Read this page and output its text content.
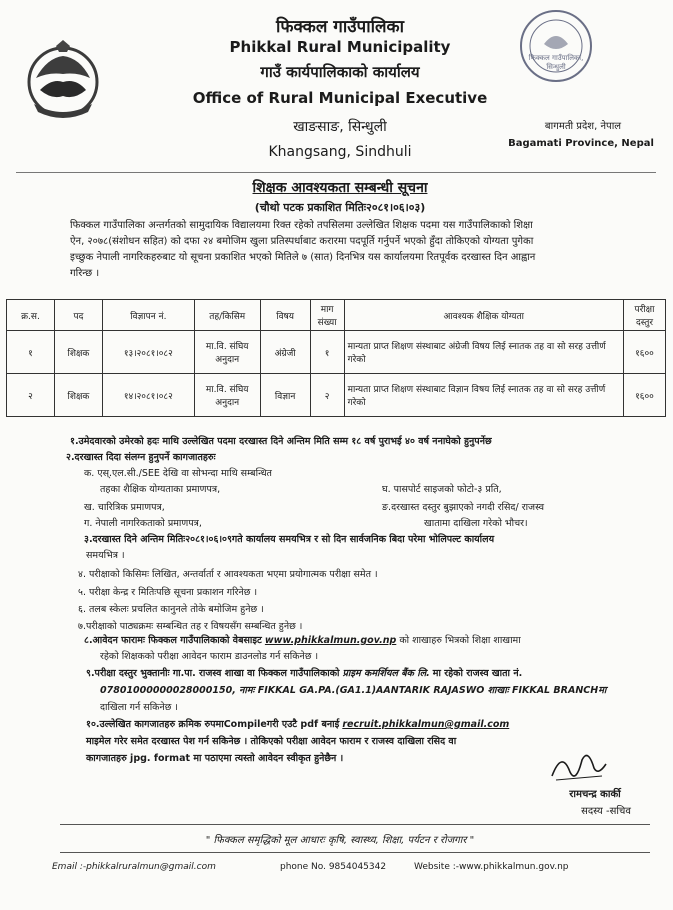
फिक्कल गाउँपालिका
Phikkal Rural Municipality
गाउँ कार्यपालिकाको कार्यालय
Office of Rural Municipal Executive
खाङसाङ, सिन्धुली
Khangsang, Sindhuli
फिक्कल गाउँपालिका, सिन्धुली
बागमती प्रदेश, नेपाल
Bagamati Province, Nepal
शिक्षक आवश्यकता सम्बन्धी सूचना
(चौथो पटक प्रकाशित मितिः२०८१।०६।०३)
फिक्कल गाउँपालिका अन्तर्गतको सामुदायिक विद्यालयमा रिक्त रहेको तपसिलमा उल्लेखित शिक्षक पदमा यस गाउँपालिकाको शिक्षा
ऐन, २०७८(संशोधन सहित) को दफा २४ बमोजिम खुला प्रतिस्पर्धाबाट करारमा पदपूर्ति गर्नुपर्ने भएको हुँदा तोकिएको योग्यता पुगेका
इच्छुक नेपाली नागरिकहरुबाट यो सूचना प्रकाशित भएको मितिले ७ (सात) दिनभित्र यस कार्यालयमा रितपूर्वक दरखास्त दिन आह्वान
गरिन्छ ।
क्र.स.	पद	विज्ञापन नं.	तह/किसिम	विषय	माग संख्या	आवश्यक शैक्षिक योग्यता	परीक्षा दस्तुर
१	शिक्षक	१३।२०८१।०८२	मा.वि. संघिय अनुदान	अंग्रेजी	१	मान्यता प्राप्त शिक्षण संस्थाबाट अंग्रेजी विषय लिई स्नातक तह वा सो सरह उत्तीर्ण गरेको	१६००
२	शिक्षक	१४।२०८१।०८२	मा.वि. संघिय अनुदान	विज्ञान	२	मान्यता प्राप्त शिक्षण संस्थाबाट विज्ञान विषय लिई स्नातक तह वा सो सरह उत्तीर्ण गरेको	१६००
१.उमेदवारको उमेरको हदः माथि उल्लेखित पदमा दरखास्त दिने अन्तिम मिति सम्म १८ वर्ष पुराभई ४० वर्ष ननाघेको हुनुपर्नेछ
२.दरखास्त दिदा संलग्न हुनुपर्ने कागजातहरुः
क. एस्.एल.सी./SEE देखि वा सोभन्दा माथि सम्बन्धित
तहका शैक्षिक योग्यताका प्रमाणपत्र,
ख. चारित्रिक प्रमाणपत्र,
ग. नेपाली नागरिकताको प्रमाणपत्र,
घ. पासपोर्ट साइजको फोटो-३ प्रति,
ङ.दरखास्त दस्तुर बुझाएको नगदी रसिद/ राजस्व
खातामा दाखिला गरेको भौचर।
३.दरखास्त दिने अन्तिम मितिः२०८१।०६।०९गते कार्यालय समयभित्र र सो दिन सार्वजनिक बिदा परेमा भोलिपल्ट कार्यालय
समयभित्र ।
४. परीक्षाको किसिमः लिखित, अन्तर्वार्ता र आवश्यकता भएमा प्रयोगात्मक परीक्षा समेत ।
५. परीक्षा केन्द्र र मितिःपछि सूचना प्रकाशन गरिनेछ ।
६. तलब स्केलः प्रचलित कानुनले तोके बमोजिम हुनेछ ।
७.परीक्षाको पाठ्यक्रमः सम्बन्धित तह र विषयसँग सम्बन्धित हुनेछ ।
८.आवेदन फारामः फिक्कल गाउँपालिकाको वेबसाइट www.phikkalmun.gov.np को शाखाहरु भित्रको शिक्षा शाखामा
रहेको शिक्षकको परीक्षा आवेदन फाराम डाउनलोड गर्न सकिनेछ ।
९.परीक्षा दस्तुर भुक्तानीः गा.पा. राजस्व शाखा वा फिक्कल गाउँपालिकाको प्राइम कमर्शियल बैंक लि. मा रहेको राजस्व खाता नं.
07801000000028000150, नामः FIKKAL GA.PA.(GA1.1)AANTARIK RAJASWO शाखाः FIKKAL BRANCHमा
दाखिला गर्न सकिनेछ ।
१०.उल्लेखित कागजातहरु क्रमिक रुपमाCompileगरी एउटै pdf बनाई recruit.phikkalmun@gmail.com
माइमेल गरेर समेत दरखास्त पेश गर्न सकिनेछ । तोकिएको परीक्षा आवेदन फाराम र राजस्व दाखिला रसिद वा
कागजातहरु jpg. format मा पठाएमा त्यस्तो आवेदन स्वीकृत हुनेछैन ।
रामचन्द्र कार्की
सदस्य -सचिव
" फिक्कल समृद्धिको मूल आधारः कृषि, स्वास्थ्य, शिक्षा, पर्यटन र रोजगार "
Email :-phikkalruralmun@gmail.com	phone No. 9854045342	Website :-www.phikkalmun.gov.np
